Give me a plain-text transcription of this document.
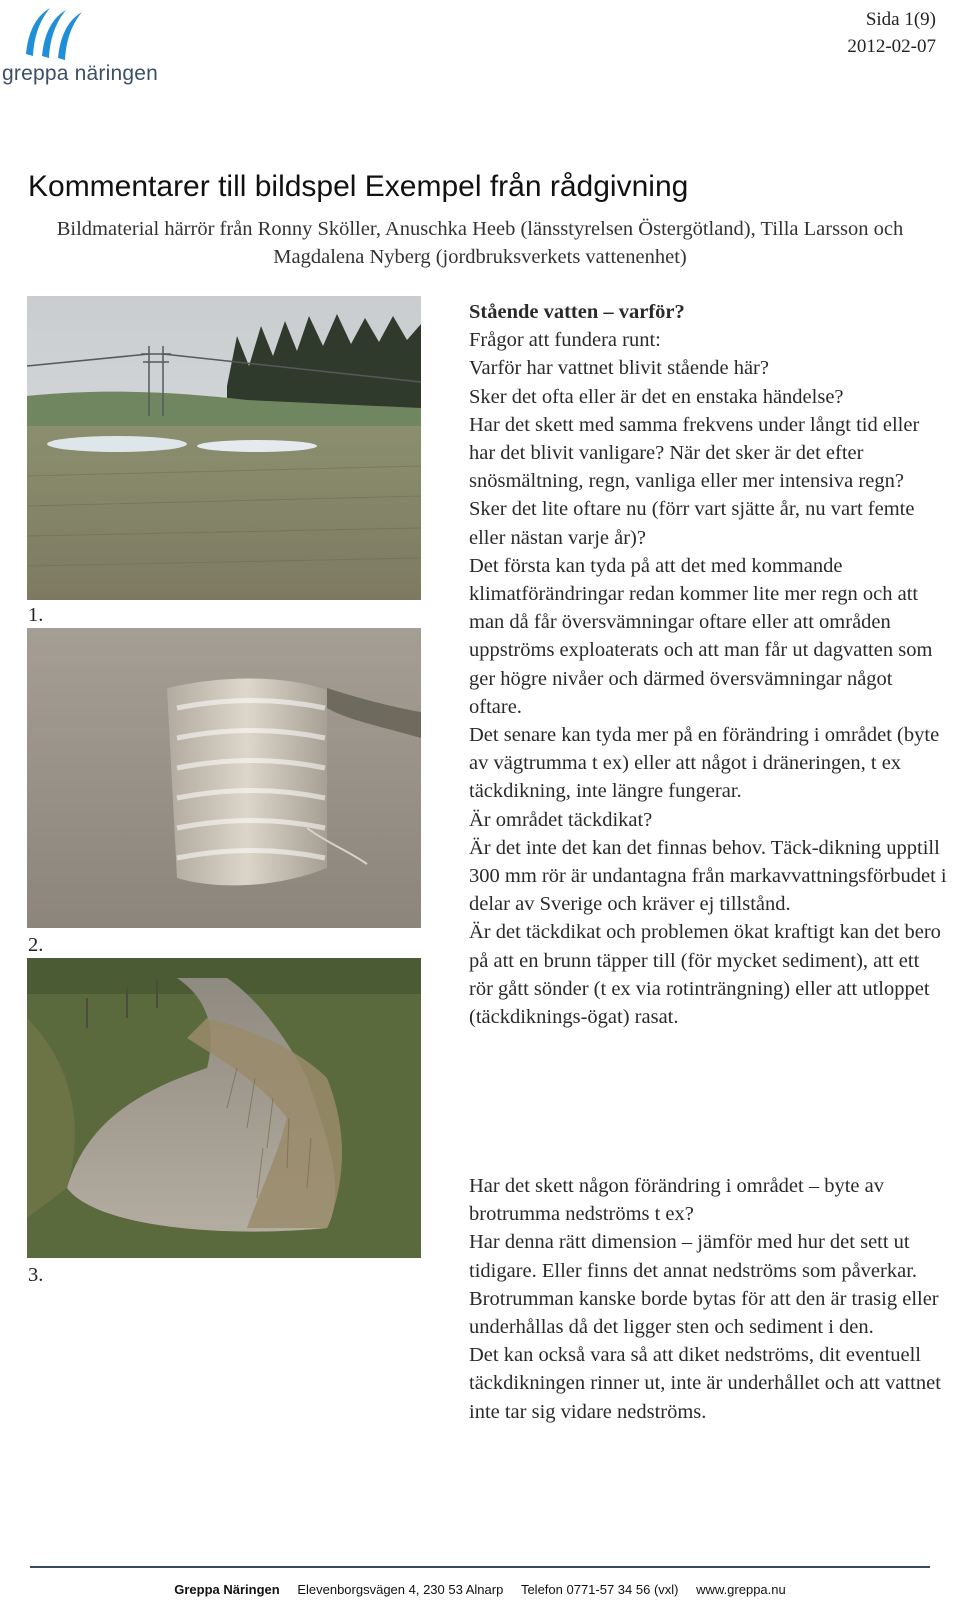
greppa näringen
Sida 1(9)
2012-02-07
Kommentarer till bildspel Exempel från rådgivning
Bildmaterial härrör från Ronny Sköller, Anuschka Heeb (länsstyrelsen Östergötland), Tilla Larsson och Magdalena Nyberg (jordbruksverkets vattenenhet)
1.
2.
3.

Stående vatten – varför?

Frågor att fundera runt:

Varför har vattnet blivit stående här?

Sker det ofta eller är det en enstaka händelse?

Har det skett med samma frekvens under långt tid eller har det blivit vanligare? När det sker är det efter snösmältning, regn, vanliga eller mer intensiva regn?

Sker det lite oftare nu (förr vart sjätte år, nu vart femte eller nästan varje år)?

Det första kan tyda på att det med kommande klimatförändringar redan kommer lite mer regn och att man då får översvämningar oftare eller att områden uppströms exploaterats och att man får ut dagvatten som ger högre nivåer och därmed översvämningar något oftare.

Det senare kan tyda mer på en förändring i området (byte av vägtrumma t ex) eller att något i dräneringen, t ex täckdikning, inte längre fungerar.

Är området täckdikat?

Är det inte det kan det finnas behov. Täck-dikning upptill 300 mm rör är undantagna från markavvattningsförbudet i delar av Sverige och kräver ej tillstånd.

Är det täckdikat och problemen ökat kraftigt kan det bero på att en brunn täpper till (för mycket sediment), att ett rör gått sönder (t ex via rotinträngning) eller att utloppet (täckdiknings-ögat) rasat.

Har det skett någon förändring i området – byte av brotrumma nedströms t ex?

Har denna rätt dimension – jämför med hur det sett ut tidigare. Eller finns det annat nedströms som påverkar. Brotrumman kanske borde bytas för att den är trasig eller underhållas då det ligger sten och sediment i den.

Det kan också vara så att diket nedströms, dit eventuell täckdikningen rinner ut, inte är underhållet och att vattnet inte tar sig vidare nedströms.

Greppa Näringen Elevenborgsvägen 4, 230 53 Alnarp Telefon 0771-57 34 56 (vxl) www.greppa.nu
